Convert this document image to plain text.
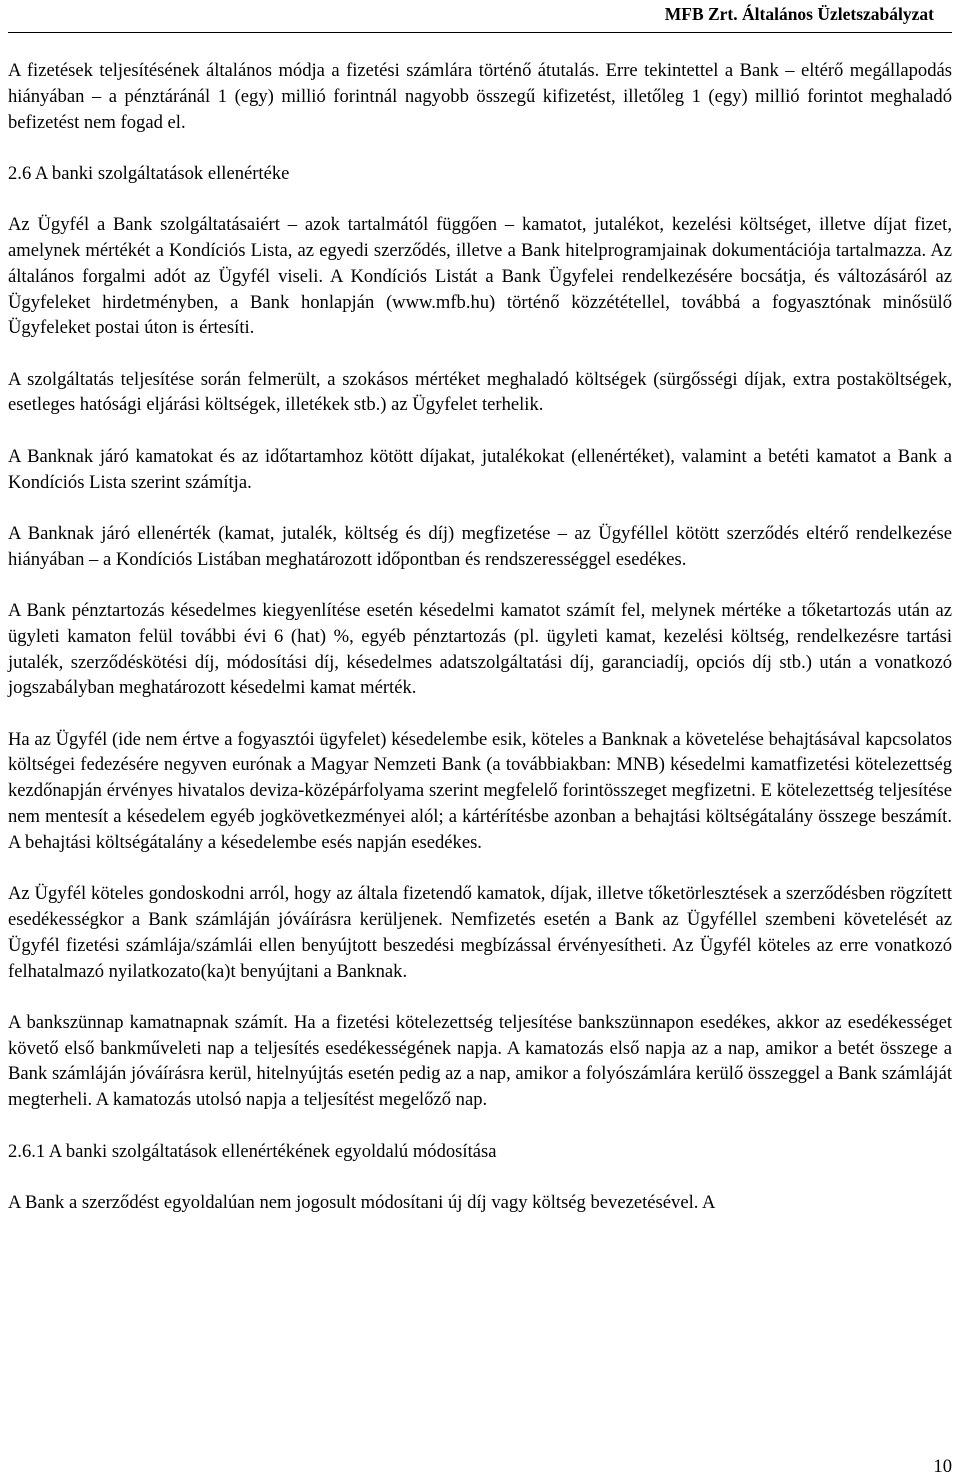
MFB Zrt. Általános Üzletszabályzat

A fizetések teljesítésének általános módja a fizetési számlára történő átutalás. Erre tekintettel a Bank – eltérő megállapodás hiányában – a pénztáránál 1 (egy) millió forintnál nagyobb összegű kifizetést, illetőleg 1 (egy) millió forintot meghaladó befizetést nem fogad el.

2.6 A banki szolgáltatások ellenértéke

Az Ügyfél a Bank szolgáltatásaiért – azok tartalmától függően – kamatot, jutalékot, kezelési költséget, illetve díjat fizet, amelynek mértékét a Kondíciós Lista, az egyedi szerződés, illetve a Bank hitelprogramjainak dokumentációja tartalmazza. Az általános forgalmi adót az Ügyfél viseli. A Kondíciós Listát a Bank Ügyfelei rendelkezésére bocsátja, és változásáról az Ügyfeleket hirdetményben, a Bank honlapján (www.mfb.hu) történő közzététellel, továbbá a fogyasztónak minősülő Ügyfeleket postai úton is értesíti.

A szolgáltatás teljesítése során felmerült, a szokásos mértéket meghaladó költségek (sürgősségi díjak, extra postaköltségek, esetleges hatósági eljárási költségek, illetékek stb.) az Ügyfelet terhelik.

A Banknak járó kamatokat és az időtartamhoz kötött díjakat, jutalékokat (ellenértéket), valamint a betéti kamatot a Bank a Kondíciós Lista szerint számítja.

A Banknak járó ellenérték (kamat, jutalék, költség és díj) megfizetése – az Ügyféllel kötött szerződés eltérő rendelkezése hiányában – a Kondíciós Listában meghatározott időpontban és rendszerességgel esedékes.

A Bank pénztartozás késedelmes kiegyenlítése esetén késedelmi kamatot számít fel, melynek mértéke a tőketartozás után az ügyleti kamaton felül további évi 6 (hat) %, egyéb pénztartozás (pl. ügyleti kamat, kezelési költség, rendelkezésre tartási jutalék, szerződéskötési díj, módosítási díj, késedelmes adatszolgáltatási díj, garanciadíj, opciós díj stb.) után a vonatkozó jogszabályban meghatározott késedelmi kamat mérték.

Ha az Ügyfél (ide nem értve a fogyasztói ügyfelet) késedelembe esik, köteles a Banknak a követelése behajtásával kapcsolatos költségei fedezésére negyven eurónak a Magyar Nemzeti Bank (a továbbiakban: MNB) késedelmi kamatfizetési kötelezettség kezdőnapján érvényes hivatalos deviza-középárfolyama szerint megfelelő forintösszeget megfizetni. E kötelezettség teljesítése nem mentesít a késedelem egyéb jogkövetkezményei alól; a kártérítésbe azonban a behajtási költségátalány összege beszámít. A behajtási költségátalány a késedelembe esés napján esedékes.

Az Ügyfél köteles gondoskodni arról, hogy az általa fizetendő kamatok, díjak, illetve tőketörlesztések a szerződésben rögzített esedékességkor a Bank számláján jóváírásra kerüljenek. Nemfizetés esetén a Bank az Ügyféllel szembeni követelését az Ügyfél fizetési számlája/számlái ellen benyújtott beszedési megbízással érvényesítheti. Az Ügyfél köteles az erre vonatkozó felhatalmazó nyilatkozato(ka)t benyújtani a Banknak.

A bankszünnap kamatnapnak számít. Ha a fizetési kötelezettség teljesítése bankszünnapon esedékes, akkor az esedékességet követő első bankműveleti nap a teljesítés esedékességének napja. A kamatozás első napja az a nap, amikor a betét összege a Bank számláján jóváírásra kerül, hitelnyújtás esetén pedig az a nap, amikor a folyószámlára kerülő összeggel a Bank számláját megterheli. A kamatozás utolsó napja a teljesítést megelőző nap.

2.6.1 A banki szolgáltatások ellenértékének egyoldalú módosítása

A Bank a szerződést egyoldalúan nem jogosult módosítani új díj vagy költség bevezetésével. A

10
